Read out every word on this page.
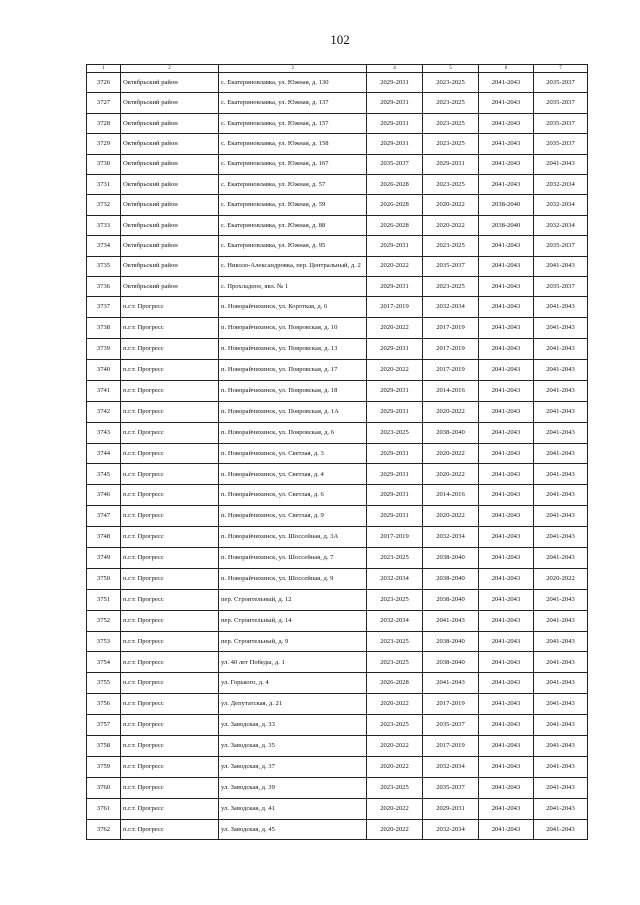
102
1	2	3	4	5	6	7
3726	Октябрьский район	с. Екатериновлавка, ул. Южная, д. 130	2029-2031	2023-2025	2041-2043	2035-2037
3727	Октябрьский район	с. Екатериновлавка, ул. Южная, д. 137	2029-2031	2023-2025	2041-2043	2035-2037
3728	Октябрьский район	с. Екатериновлавка, ул. Южная, д. 157	2029-2031	2023-2025	2041-2043	2035-2037
3729	Октябрьский район	с. Екатериновлавка, ул. Южная, д. 158	2029-2031	2023-2025	2041-2043	2035-2037
3730	Октябрьский район	с. Екатериновлавка, ул. Южная, д. 167	2035-2037	2029-2031	2041-2043	2041-2043
3731	Октябрьский район	с. Екатериновлавка, ул. Южная, д. 57	2026-2028	2023-2025	2041-2043	2032-2034
3732	Октябрьский район	с. Екатериновлавка, ул. Южная, д. 59	2026-2028	2020-2022	2038-2040	2032-2034
3733	Октябрьский район	с. Екатериновлавка, ул. Южная, д. 88	2026-2028	2020-2022	2038-2040	2032-2034
3734	Октябрьский район	с. Екатериновлавка, ул. Южная, д. 95	2029-2031	2023-2025	2041-2043	2035-2037
3735	Октябрьский район	с. Николо-Александровка, пер. Центральный, д. 2	2020-2022	2035-2037	2041-2043	2041-2043
3736	Октябрьский район	с. Прохладное, явл. № 1	2029-2031	2023-2025	2041-2043	2035-2037
3737	п.г.т. Прогресс	п. Новорайчихинск, ул. Короткая, д. 6	2017-2019	2032-2034	2041-2043	2041-2043
3738	п.г.т. Прогресс	п. Новорайчихинск, ул. Пояровская, д. 10	2020-2022	2017-2019	2041-2043	2041-2043
3739	п.г.т. Прогресс	п. Новорайчихинск, ул. Пояровская, д. 13	2029-2031	2017-2019	2041-2043	2041-2043
3740	п.г.т. Прогресс	п. Новорайчихинск, ул. Пояровская, д. 17	2020-2022	2017-2019	2041-2043	2041-2043
3741	п.г.т. Прогресс	п. Новорайчихинск, ул. Пояровская, д. 18	2029-2031	2014-2016	2041-2043	2041-2043
3742	п.г.т. Прогресс	п. Новорайчихинск, ул. Пояровская, д. 1А	2029-2031	2020-2022	2041-2043	2041-2043
3743	п.г.т. Прогресс	п. Новорайчихинск, ул. Пояровская, д. 6	2023-2025	2038-2040	2041-2043	2041-2043
3744	п.г.т. Прогресс	п. Новорайчихинск, ул. Светлая, д. 3	2029-2031	2020-2022	2041-2043	2041-2043
3745	п.г.т. Прогресс	п. Новорайчихинск, ул. Светлая, д. 4	2029-2031	2020-2022	2041-2043	2041-2043
3746	п.г.т. Прогресс	п. Новорайчихинск, ул. Светлая, д. 6	2029-2031	2014-2016	2041-2043	2041-2043
3747	п.г.т. Прогресс	п. Новорайчихинск, ул. Светлая, д. 9	2029-2031	2020-2022	2041-2043	2041-2043
3748	п.г.т. Прогресс	п. Новорайчихинск, ул. Шоссейная, д. 3А	2017-2019	2032-2034	2041-2043	2041-2043
3749	п.г.т. Прогресс	п. Новорайчихинск, ул. Шоссейная, д. 7	2023-2025	2038-2040	2041-2043	2041-2043
3750	п.г.т. Прогресс	п. Новорайчихинск, ул. Шоссейная, д. 9	2032-2034	2038-2040	2041-2043	2020-2022
3751	п.г.т. Прогресс	пер. Строительный, д. 12	2023-2025	2038-2040	2041-2043	2041-2043
3752	п.г.т. Прогресс	пер. Строительный, д. 14	2032-2034	2041-2043	2041-2043	2041-2043
3753	п.г.т. Прогресс	пер. Строительный, д. 9	2023-2025	2038-2040	2041-2043	2041-2043
3754	п.г.т. Прогресс	ул. 40 лет Победы, д. 1	2023-2025	2038-2040	2041-2043	2041-2043
3755	п.г.т. Прогресс	ул. Горького, д. 4	2026-2028	2041-2043	2041-2043	2041-2043
3756	п.г.т. Прогресс	ул. Депутатская, д. 21	2020-2022	2017-2019	2041-2043	2041-2043
3757	п.г.т. Прогресс	ул. Заводская, д. 33	2023-2025	2035-2037	2041-2043	2041-2043
3758	п.г.т. Прогресс	ул. Заводская, д. 35	2020-2022	2017-2019	2041-2043	2041-2043
3759	п.г.т. Прогресс	ул. Заводская, д. 37	2020-2022	2032-2034	2041-2043	2041-2043
3760	п.г.т. Прогресс	ул. Заводская, д. 39	2023-2025	2035-2037	2041-2043	2041-2043
3761	п.г.т. Прогресс	ул. Заводская, д. 41	2020-2022	2029-2031	2041-2043	2041-2043
3762	п.г.т. Прогресс	ул. Заводская, д. 45	2020-2022	2032-2034	2041-2043	2041-2043
